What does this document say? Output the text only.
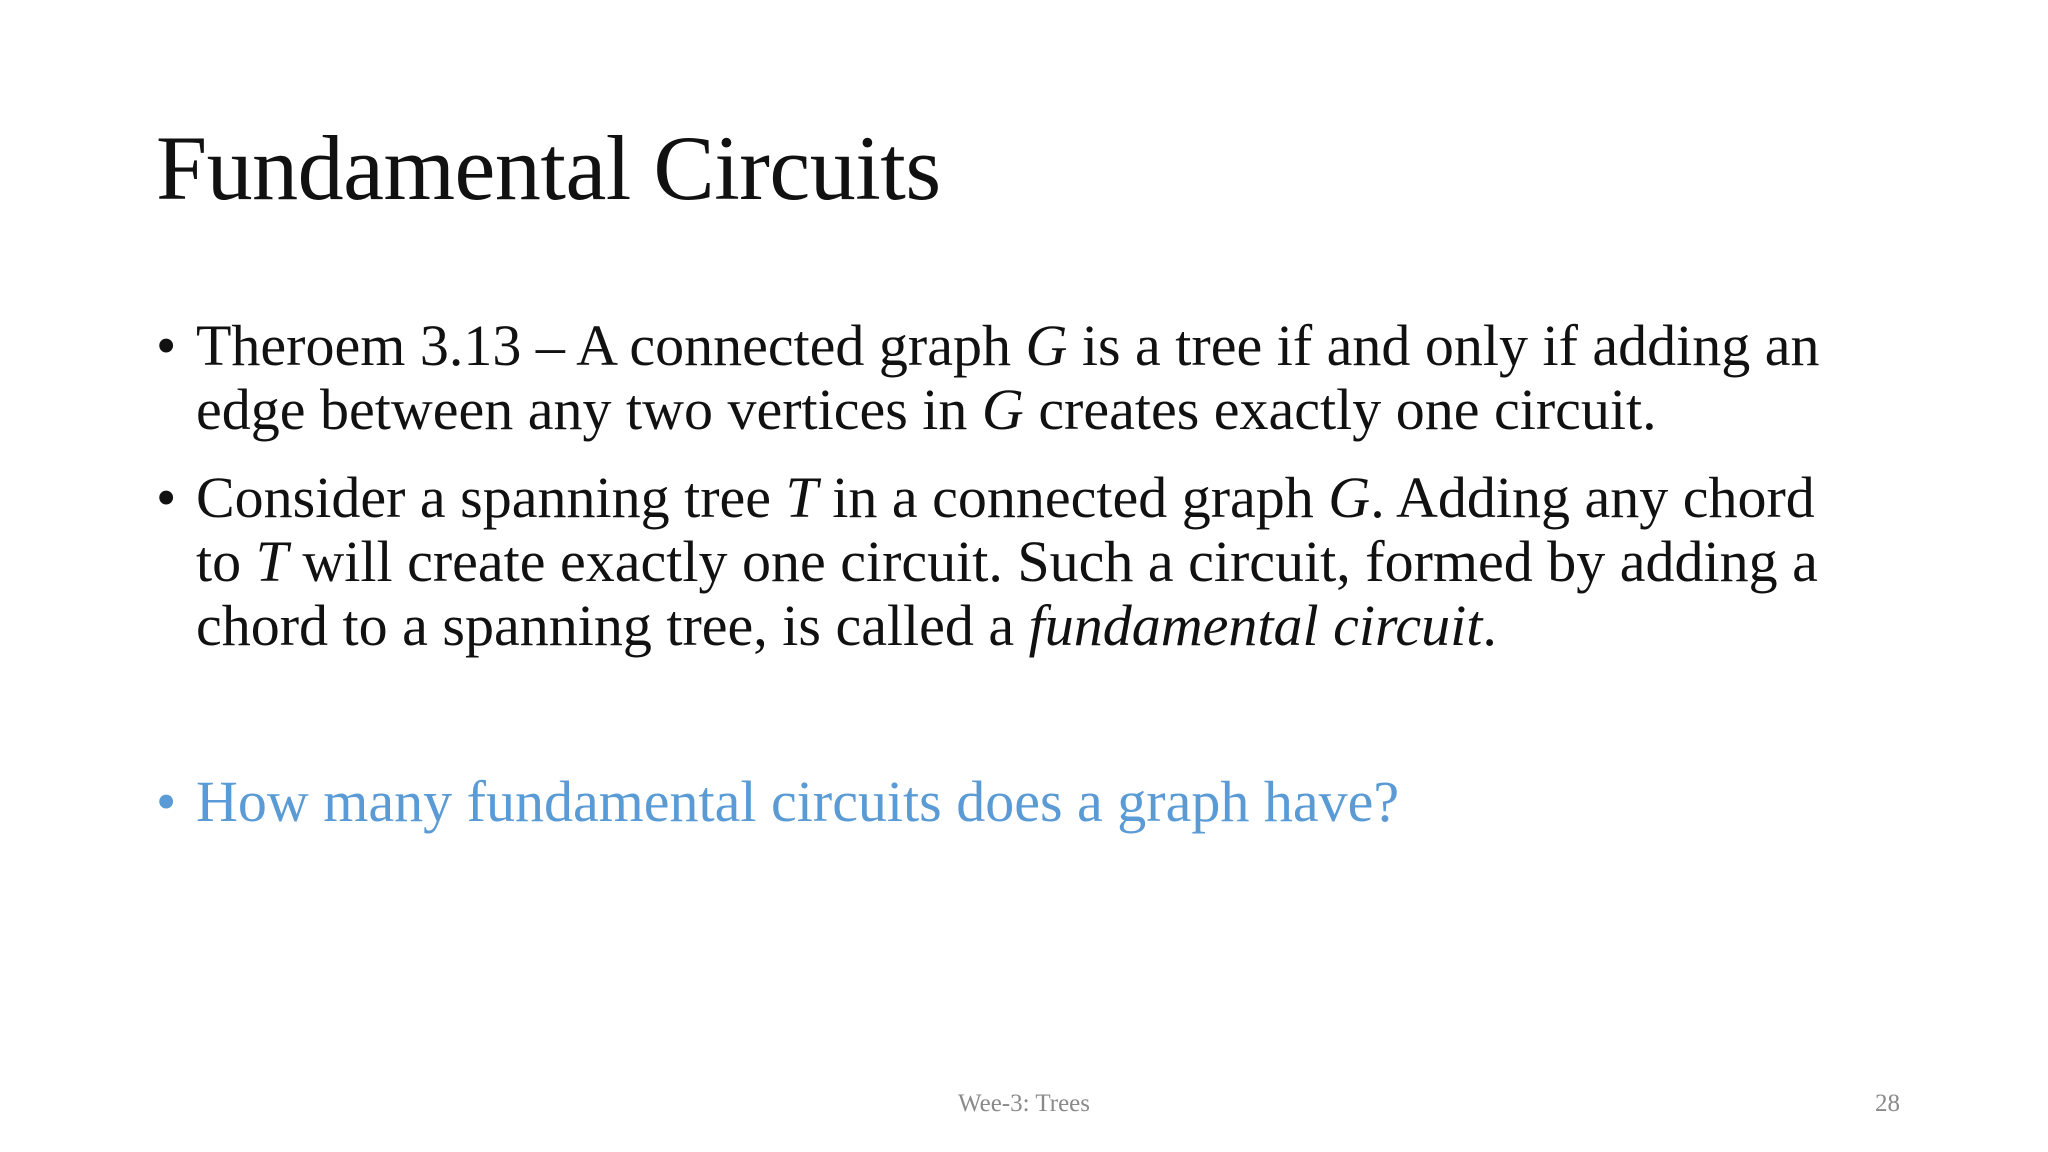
Fundamental Circuits
• Theroem 3.13 – A connected graph G is a tree if and only if adding an
edge between any two vertices in G creates exactly one circuit.
• Consider a spanning tree T in a connected graph G. Adding any chord
to T will create exactly one circuit. Such a circuit, formed by adding a
chord to a spanning tree, is called a fundamental circuit.
• How many fundamental circuits does a graph have?
Wee-3: Trees	28
